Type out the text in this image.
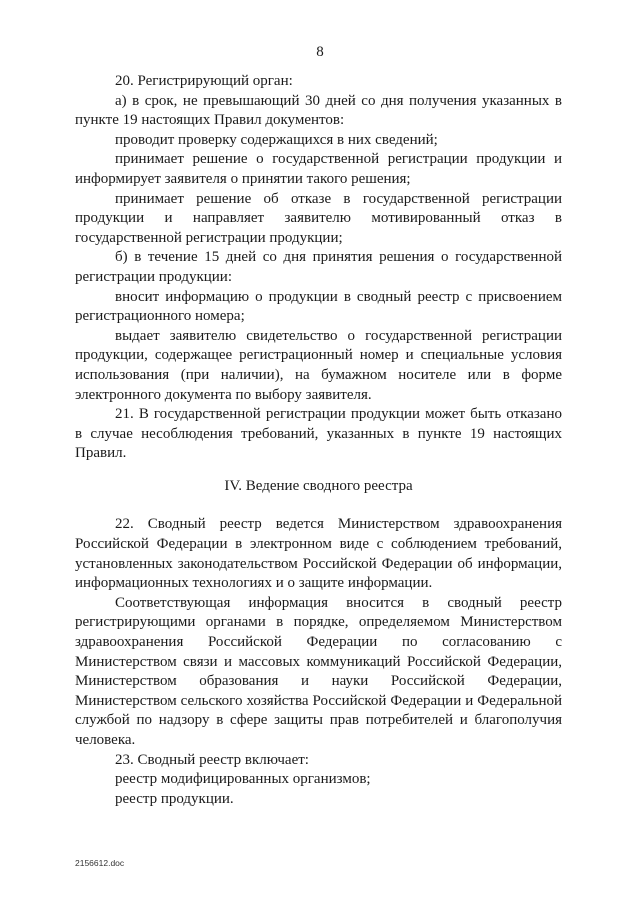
8

20. Регистрирующий орган:

а) в срок, не превышающий 30 дней со дня получения указанных в пункте 19 настоящих Правил документов:

проводит проверку содержащихся в них сведений;

принимает решение о государственной регистрации продукции и информирует заявителя о принятии такого решения;

принимает решение об отказе в государственной регистрации продукции и направляет заявителю мотивированный отказ в государственной регистрации продукции;

б) в течение 15 дней со дня принятия решения о государственной регистрации продукции:

вносит информацию о продукции в сводный реестр с присвоением регистрационного номера;

выдает заявителю свидетельство о государственной регистрации продукции, содержащее регистрационный номер и специальные условия использования (при наличии), на бумажном носителе или в форме электронного документа по выбору заявителя.

21. В государственной регистрации продукции может быть отказано в случае несоблюдения требований, указанных в пункте 19 настоящих Правил.

IV. Ведение сводного реестра

22. Сводный реестр ведется Министерством здравоохранения Российской Федерации в электронном виде с соблюдением требований, установленных законодательством Российской Федерации об информации, информационных технологиях и о защите информации.

Соответствующая информация вносится в сводный реестр регистрирующими органами в порядке, определяемом Министерством здравоохранения Российской Федерации по согласованию с Министерством связи и массовых коммуникаций Российской Федерации, Министерством образования и науки Российской Федерации, Министерством сельского хозяйства Российской Федерации и Федеральной службой по надзору в сфере защиты прав потребителей и благополучия человека.

23. Сводный реестр включает:

реестр модифицированных организмов;

реестр продукции.

2156612.doc
